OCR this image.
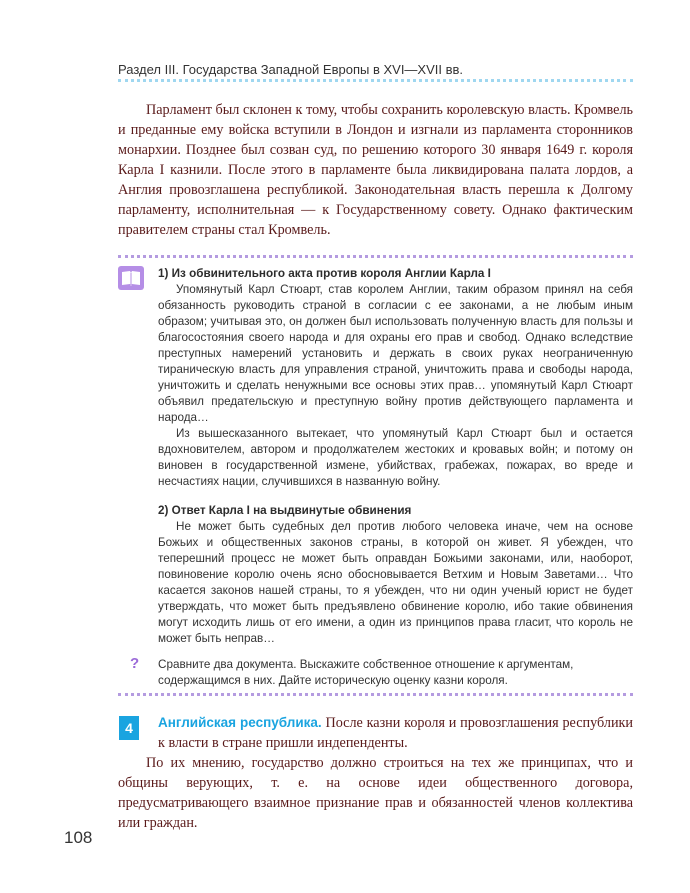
Раздел III. Государства Западной Европы в XVI—XVII вв.

Парламент был склонен к тому, чтобы сохранить королевскую власть. Кромвель и преданные ему войска вступили в Лондон и изгнали из парламента сторонников монархии. Позднее был созван суд, по решению которого 30 января 1649 г. короля Карла I казнили. После этого в парламенте была ликвидирована палата лордов, а Англия провозглашена республикой. Законодательная власть перешла к Долгому парламенту, исполнительная — к Государственному совету. Однако фактическим правителем страны стал Кромвель.

1) Из обвинительного акта против короля Англии Карла I

Упомянутый Карл Стюарт, став королем Англии, таким образом принял на себя обязанность руководить страной в согласии с ее законами, а не любым иным образом; учитывая это, он должен был использовать полученную власть для пользы и благосостояния своего народа и для охраны его прав и свобод. Однако вследствие преступных намерений установить и держать в своих руках неограниченную тираническую власть для управления страной, уничтожить права и свободы народа, уничтожить и сделать ненужными все основы этих прав… упомянутый Карл Стюарт объявил предательскую и преступную войну против действующего парламента и народа…

Из вышесказанного вытекает, что упомянутый Карл Стюарт был и остается вдохновителем, автором и продолжателем жестоких и кровавых войн; и потому он виновен в государственной измене, убийствах, грабежах, пожарах, во вреде и несчастиях нации, случившихся в названную войну.

2) Ответ Карла I на выдвинутые обвинения

Не может быть судебных дел против любого человека иначе, чем на основе Божьих и общественных законов страны, в которой он живет. Я убежден, что теперешний процесс не может быть оправдан Божьими законами, или, наоборот, повиновение королю очень ясно обосновывается Ветхим и Новым Заветами… Что касается законов нашей страны, то я убежден, что ни один ученый юрист не будет утверждать, что может быть предъявлено обвинение королю, ибо такие обвинения могут исходить лишь от его имени, а один из принципов права гласит, что король не может быть неправ…

? Сравните два документа. Выскажите собственное отношение к аргументам, содержащимся в них. Дайте историческую оценку казни короля.

4	Английская республика. После казни короля и провозглашения республики к власти в стране пришли индепенденты.

По их мнению, государство должно строиться на тех же принципах, что и общины верующих, т. е. на основе идеи общественного договора, предусматривающего взаимное признание прав и обязанностей членов коллектива или граждан.

108
